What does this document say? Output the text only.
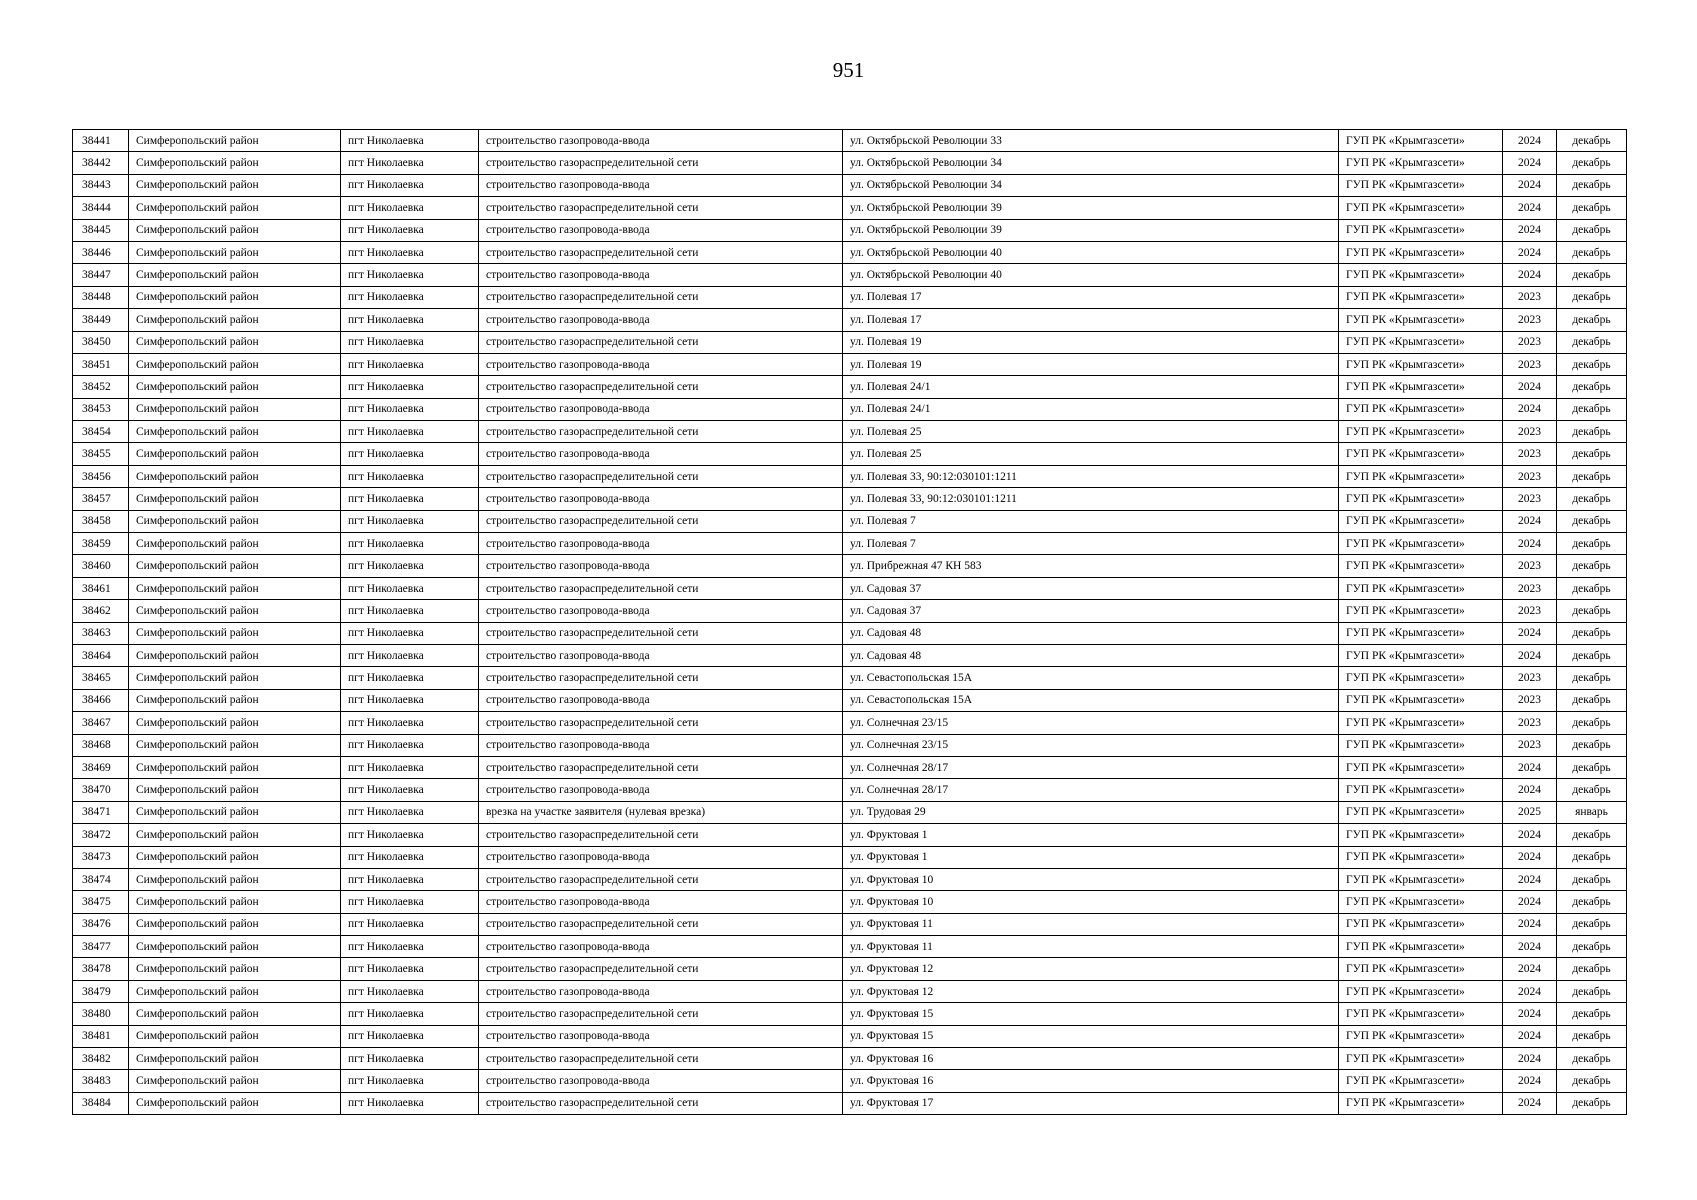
951
38441	Симферопольский район	пгт Николаевка	строительство газопровода-ввода	ул. Октябрьской Революции 33	ГУП РК «Крымгазсети»	2024	декабрь
38442	Симферопольский район	пгт Николаевка	строительство газораспределительной сети	ул. Октябрьской Революции 34	ГУП РК «Крымгазсети»	2024	декабрь
38443	Симферопольский район	пгт Николаевка	строительство газопровода-ввода	ул. Октябрьской Революции 34	ГУП РК «Крымгазсети»	2024	декабрь
38444	Симферопольский район	пгт Николаевка	строительство газораспределительной сети	ул. Октябрьской Революции 39	ГУП РК «Крымгазсети»	2024	декабрь
38445	Симферопольский район	пгт Николаевка	строительство газопровода-ввода	ул. Октябрьской Революции 39	ГУП РК «Крымгазсети»	2024	декабрь
38446	Симферопольский район	пгт Николаевка	строительство газораспределительной сети	ул. Октябрьской Революции 40	ГУП РК «Крымгазсети»	2024	декабрь
38447	Симферопольский район	пгт Николаевка	строительство газопровода-ввода	ул. Октябрьской Революции 40	ГУП РК «Крымгазсети»	2024	декабрь
38448	Симферопольский район	пгт Николаевка	строительство газораспределительной сети	ул. Полевая 17	ГУП РК «Крымгазсети»	2023	декабрь
38449	Симферопольский район	пгт Николаевка	строительство газопровода-ввода	ул. Полевая 17	ГУП РК «Крымгазсети»	2023	декабрь
38450	Симферопольский район	пгт Николаевка	строительство газораспределительной сети	ул. Полевая 19	ГУП РК «Крымгазсети»	2023	декабрь
38451	Симферопольский район	пгт Николаевка	строительство газопровода-ввода	ул. Полевая 19	ГУП РК «Крымгазсети»	2023	декабрь
38452	Симферопольский район	пгт Николаевка	строительство газораспределительной сети	ул. Полевая 24/1	ГУП РК «Крымгазсети»	2024	декабрь
38453	Симферопольский район	пгт Николаевка	строительство газопровода-ввода	ул. Полевая 24/1	ГУП РК «Крымгазсети»	2024	декабрь
38454	Симферопольский район	пгт Николаевка	строительство газораспределительной сети	ул. Полевая 25	ГУП РК «Крымгазсети»	2023	декабрь
38455	Симферопольский район	пгт Николаевка	строительство газопровода-ввода	ул. Полевая 25	ГУП РК «Крымгазсети»	2023	декабрь
38456	Симферопольский район	пгт Николаевка	строительство газораспределительной сети	ул. Полевая 33, 90:12:030101:1211	ГУП РК «Крымгазсети»	2023	декабрь
38457	Симферопольский район	пгт Николаевка	строительство газопровода-ввода	ул. Полевая 33, 90:12:030101:1211	ГУП РК «Крымгазсети»	2023	декабрь
38458	Симферопольский район	пгт Николаевка	строительство газораспределительной сети	ул. Полевая 7	ГУП РК «Крымгазсети»	2024	декабрь
38459	Симферопольский район	пгт Николаевка	строительство газопровода-ввода	ул. Полевая 7	ГУП РК «Крымгазсети»	2024	декабрь
38460	Симферопольский район	пгт Николаевка	строительство газопровода-ввода	ул. Прибрежная 47 КН 583	ГУП РК «Крымгазсети»	2023	декабрь
38461	Симферопольский район	пгт Николаевка	строительство газораспределительной сети	ул. Садовая 37	ГУП РК «Крымгазсети»	2023	декабрь
38462	Симферопольский район	пгт Николаевка	строительство газопровода-ввода	ул. Садовая 37	ГУП РК «Крымгазсети»	2023	декабрь
38463	Симферопольский район	пгт Николаевка	строительство газораспределительной сети	ул. Садовая 48	ГУП РК «Крымгазсети»	2024	декабрь
38464	Симферопольский район	пгт Николаевка	строительство газопровода-ввода	ул. Садовая 48	ГУП РК «Крымгазсети»	2024	декабрь
38465	Симферопольский район	пгт Николаевка	строительство газораспределительной сети	ул. Севастопольская 15А	ГУП РК «Крымгазсети»	2023	декабрь
38466	Симферопольский район	пгт Николаевка	строительство газопровода-ввода	ул. Севастопольская 15А	ГУП РК «Крымгазсети»	2023	декабрь
38467	Симферопольский район	пгт Николаевка	строительство газораспределительной сети	ул. Солнечная 23/15	ГУП РК «Крымгазсети»	2023	декабрь
38468	Симферопольский район	пгт Николаевка	строительство газопровода-ввода	ул. Солнечная 23/15	ГУП РК «Крымгазсети»	2023	декабрь
38469	Симферопольский район	пгт Николаевка	строительство газораспределительной сети	ул. Солнечная 28/17	ГУП РК «Крымгазсети»	2024	декабрь
38470	Симферопольский район	пгт Николаевка	строительство газопровода-ввода	ул. Солнечная 28/17	ГУП РК «Крымгазсети»	2024	декабрь
38471	Симферопольский район	пгт Николаевка	врезка на участке заявителя (нулевая врезка)	ул. Трудовая 29	ГУП РК «Крымгазсети»	2025	январь
38472	Симферопольский район	пгт Николаевка	строительство газораспределительной сети	ул. Фруктовая 1	ГУП РК «Крымгазсети»	2024	декабрь
38473	Симферопольский район	пгт Николаевка	строительство газопровода-ввода	ул. Фруктовая 1	ГУП РК «Крымгазсети»	2024	декабрь
38474	Симферопольский район	пгт Николаевка	строительство газораспределительной сети	ул. Фруктовая 10	ГУП РК «Крымгазсети»	2024	декабрь
38475	Симферопольский район	пгт Николаевка	строительство газопровода-ввода	ул. Фруктовая 10	ГУП РК «Крымгазсети»	2024	декабрь
38476	Симферопольский район	пгт Николаевка	строительство газораспределительной сети	ул. Фруктовая 11	ГУП РК «Крымгазсети»	2024	декабрь
38477	Симферопольский район	пгт Николаевка	строительство газопровода-ввода	ул. Фруктовая 11	ГУП РК «Крымгазсети»	2024	декабрь
38478	Симферопольский район	пгт Николаевка	строительство газораспределительной сети	ул. Фруктовая 12	ГУП РК «Крымгазсети»	2024	декабрь
38479	Симферопольский район	пгт Николаевка	строительство газопровода-ввода	ул. Фруктовая 12	ГУП РК «Крымгазсети»	2024	декабрь
38480	Симферопольский район	пгт Николаевка	строительство газораспределительной сети	ул. Фруктовая 15	ГУП РК «Крымгазсети»	2024	декабрь
38481	Симферопольский район	пгт Николаевка	строительство газопровода-ввода	ул. Фруктовая 15	ГУП РК «Крымгазсети»	2024	декабрь
38482	Симферопольский район	пгт Николаевка	строительство газораспределительной сети	ул. Фруктовая 16	ГУП РК «Крымгазсети»	2024	декабрь
38483	Симферопольский район	пгт Николаевка	строительство газопровода-ввода	ул. Фруктовая 16	ГУП РК «Крымгазсети»	2024	декабрь
38484	Симферопольский район	пгт Николаевка	строительство газораспределительной сети	ул. Фруктовая 17	ГУП РК «Крымгазсети»	2024	декабрь
